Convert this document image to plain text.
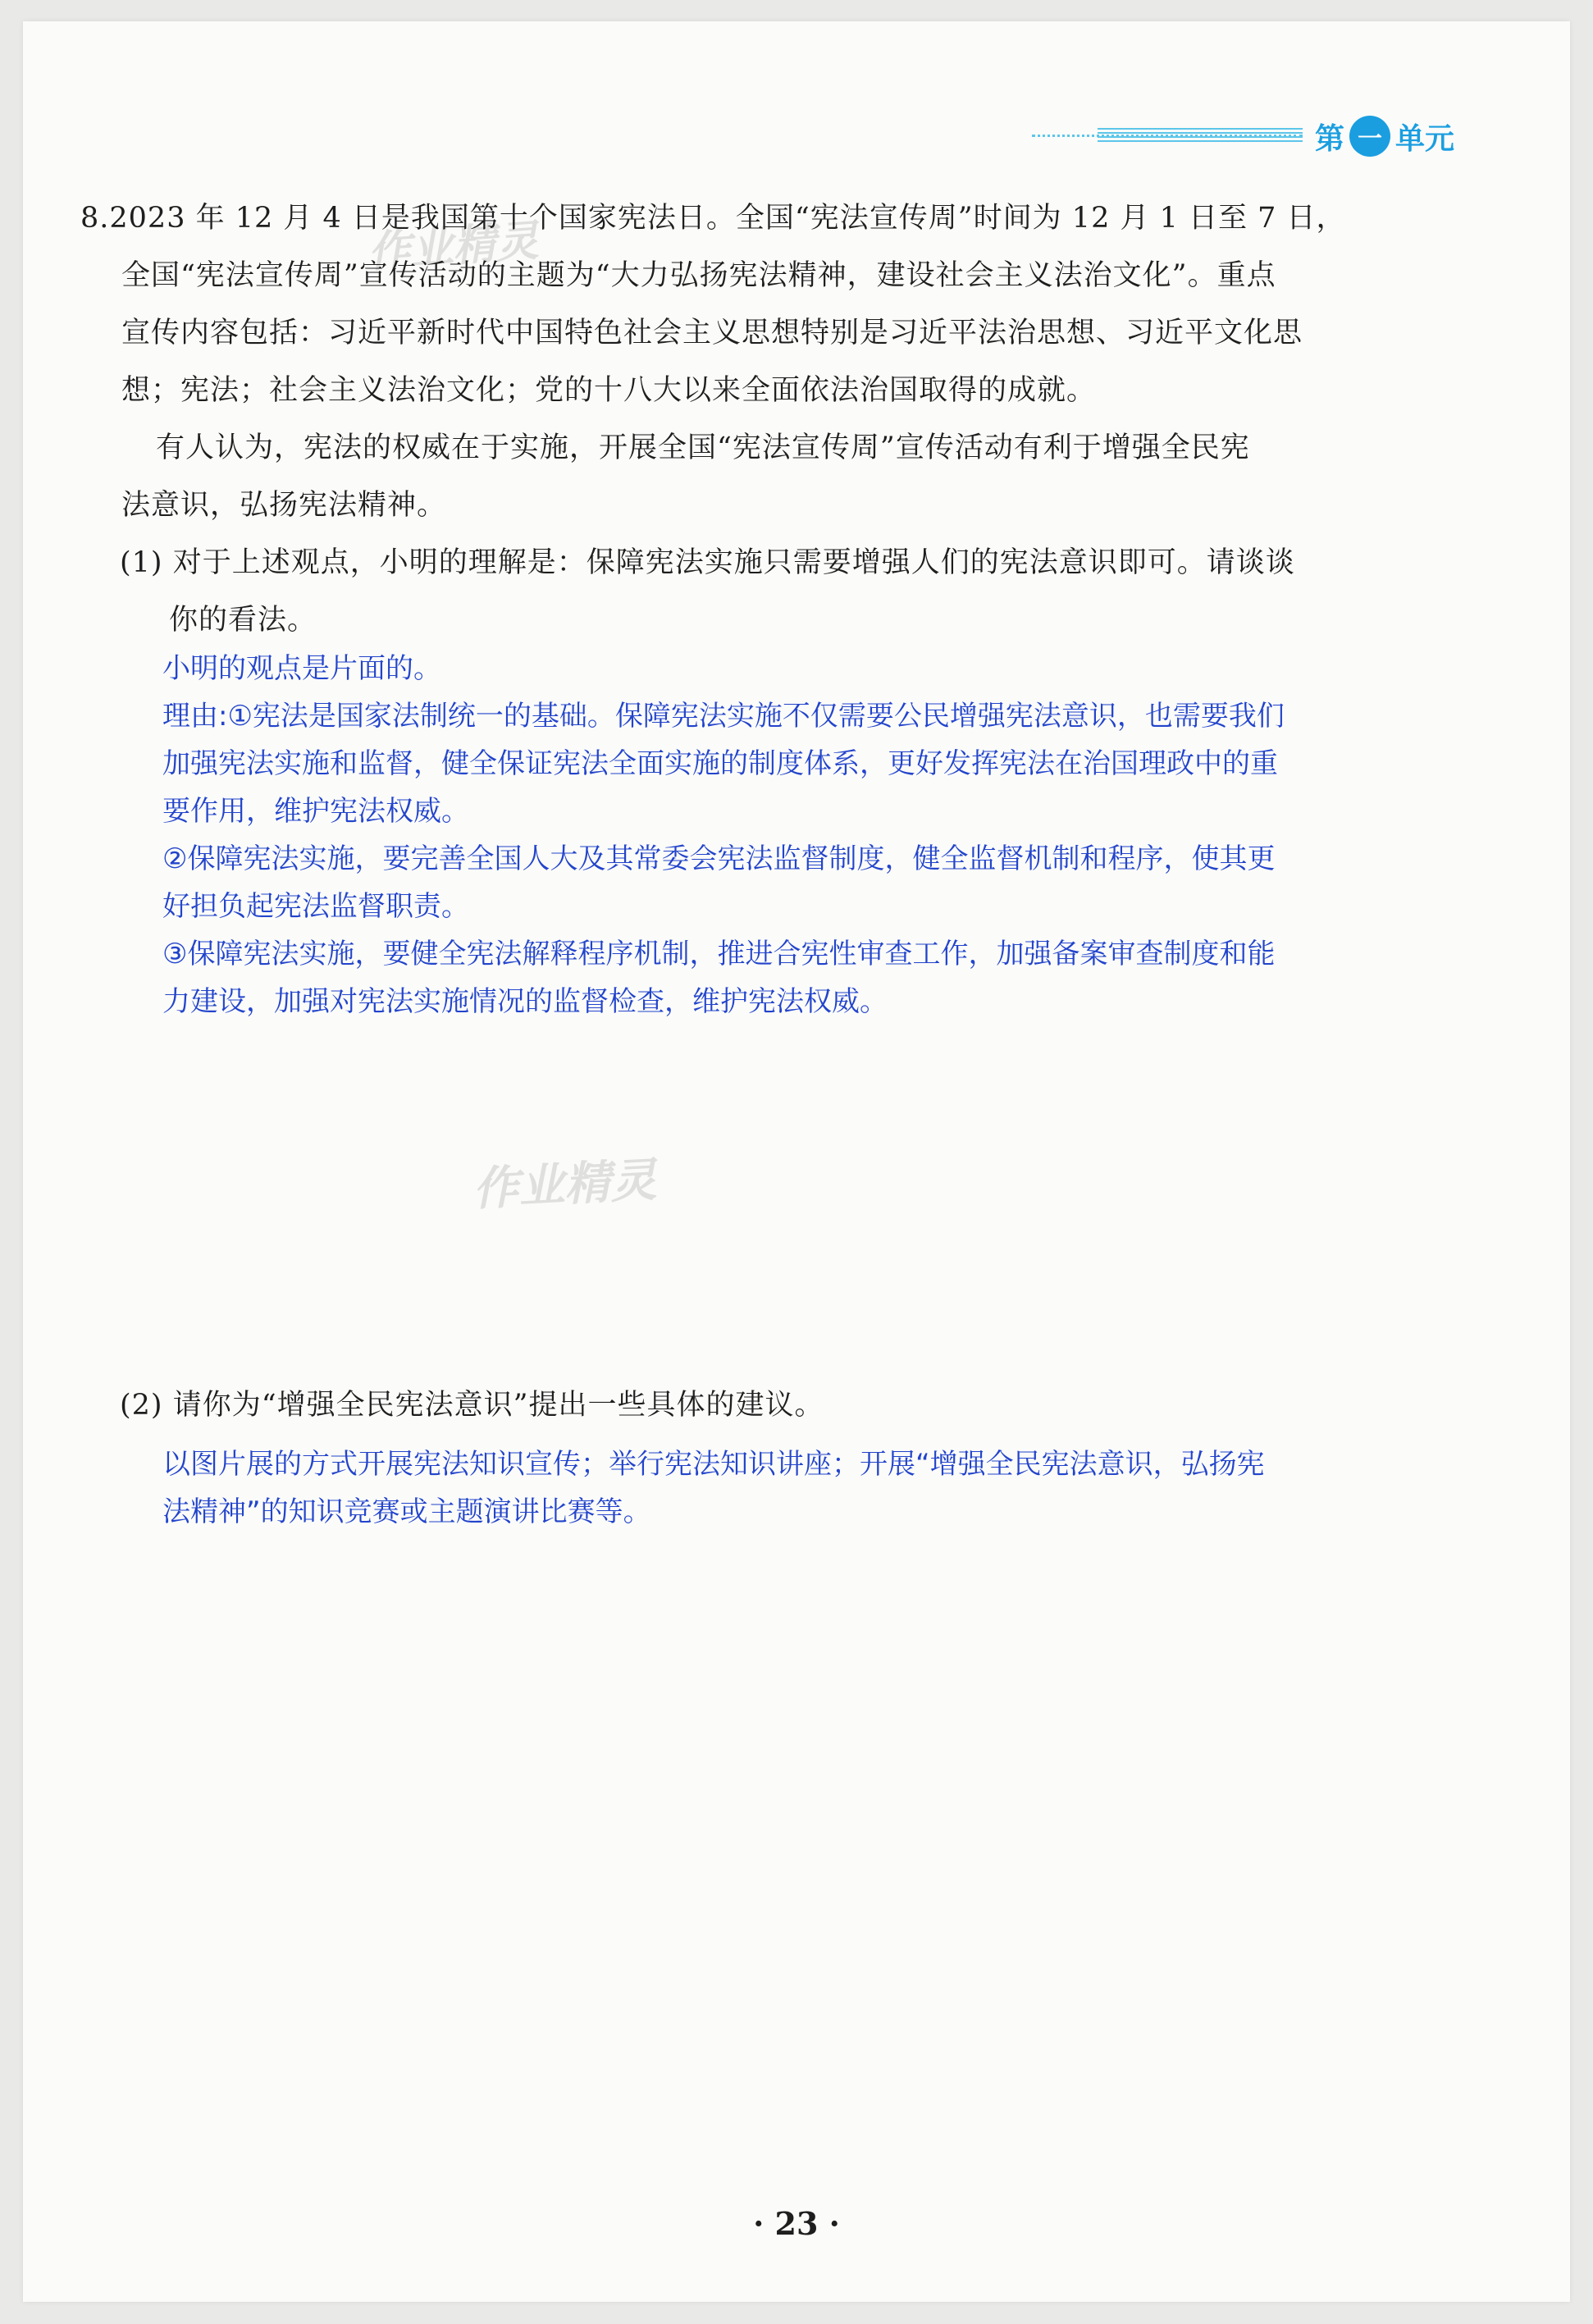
第 一 单元
作业精灵

8.2023 年 12 月 4 日是我国第十个国家宪法日。全国“宪法宣传周”时间为 12 月 1 日至 7 日，

全国“宪法宣传周”宣传活动的主题为“大力弘扬宪法精神，建设社会主义法治文化”。重点

宣传内容包括：习近平新时代中国特色社会主义思想特别是习近平法治思想、习近平文化思

想；宪法；社会主义法治文化；党的十八大以来全面依法治国取得的成就。

有人认为，宪法的权威在于实施，开展全国“宪法宣传周”宣传活动有利于增强全民宪

法意识，弘扬宪法精神。

(1) 对于上述观点，小明的理解是：保障宪法实施只需要增强人们的宪法意识即可。请谈谈

你的看法。

小明的观点是片面的。

理由:①宪法是国家法制统一的基础。保障宪法实施不仅需要公民增强宪法意识，也需要我们

加强宪法实施和监督，健全保证宪法全面实施的制度体系，更好发挥宪法在治国理政中的重

要作用，维护宪法权威。

②保障宪法实施，要完善全国人大及其常委会宪法监督制度，健全监督机制和程序，使其更

好担负起宪法监督职责。

③保障宪法实施，要健全宪法解释程序机制，推进合宪性审查工作，加强备案审查制度和能

力建设，加强对宪法实施情况的监督检查，维护宪法权威。

作业精灵

(2) 请你为“增强全民宪法意识”提出一些具体的建议。

以图片展的方式开展宪法知识宣传；举行宪法知识讲座；开展“增强全民宪法意识，弘扬宪

法精神”的知识竞赛或主题演讲比赛等。

· 23 ·
